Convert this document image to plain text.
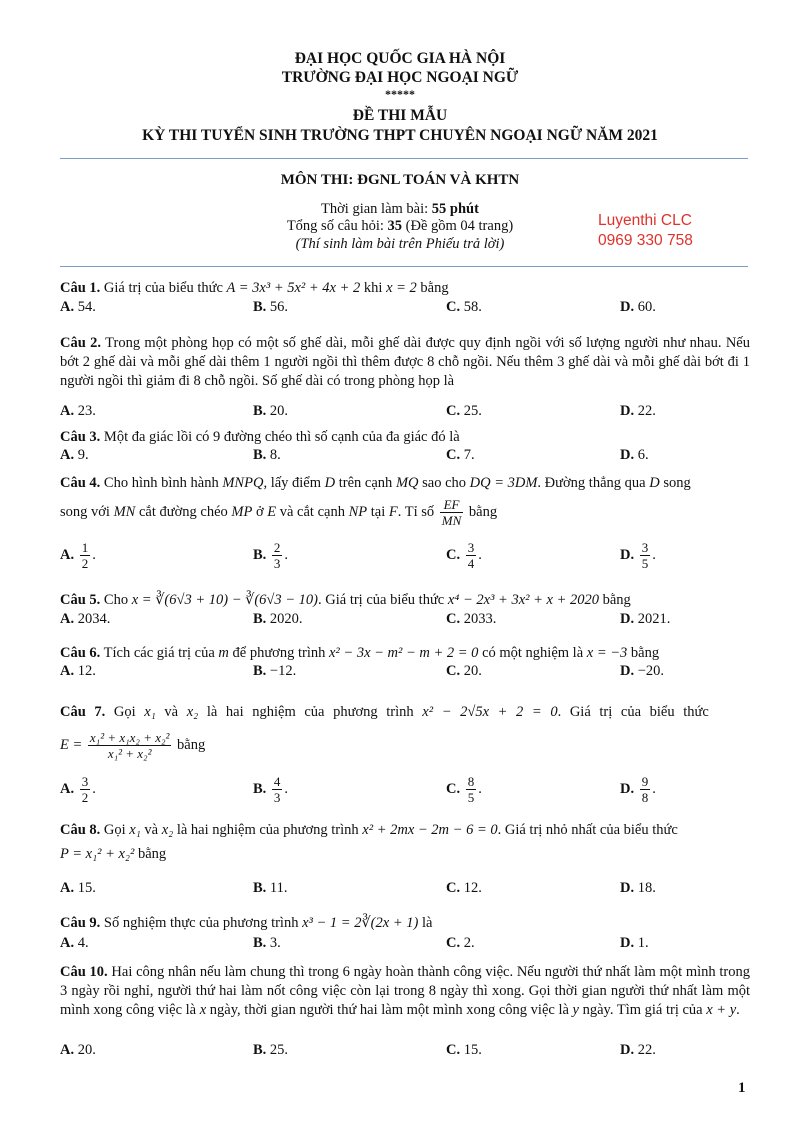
ĐẠI HỌC QUỐC GIA HÀ NỘI
TRƯỜNG ĐẠI HỌC NGOẠI NGỮ
*****
ĐỀ THI MẪU
KỲ THI TUYỂN SINH TRƯỜNG THPT CHUYÊN NGOẠI NGỮ NĂM 2021
MÔN THI: ĐGNL TOÁN VÀ KHTN
Thời gian làm bài: 55 phút
Tổng số câu hỏi: 35 (Đề gồm 04 trang)
(Thí sinh làm bài trên Phiếu trả lời)
Luyenthi CLC
0969 330 758
Câu 1. Giá trị của biểu thức A = 3x³ + 5x² + 4x + 2 khi x = 2 bằng
A. 54.	B. 56.	C. 58.	D. 60.
Câu 2. Trong một phòng họp có một số ghế dài, mỗi ghế dài được quy định ngồi với số lượng người như nhau. Nếu bớt 2 ghế dài và mỗi ghế dài thêm 1 người ngồi thì thêm được 8 chỗ ngồi. Nếu thêm 3 ghế dài và mỗi ghế dài bớt đi 1 người ngồi thì giảm đi 8 chỗ ngồi. Số ghế dài có trong phòng họp là
A. 23.	B. 20.	C. 25.	D. 22.
Câu 3. Một đa giác lồi có 9 đường chéo thì số cạnh của đa giác đó là
A. 9.	B. 8.	C. 7.	D. 6.
Câu 4. Cho hình bình hành MNPQ, lấy điểm D trên cạnh MQ sao cho DQ = 3DM. Đường thẳng qua D song
song với MN cắt đường chéo MP ở E và cắt cạnh NP tại F. Tỉ số $\frac{EF}{MN}$ bằng
A. $\frac{1}{2}$ .	B. $\frac{2}{3}$ .	C. $\frac{3}{4}$ .	D. $\frac{3}{5}$ .
Câu 5. Cho x = ∛(6√3 + 10) − ∛(6√3 − 10). Giá trị của biểu thức x⁴ − 2x³ + 3x² + x + 2020 bằng
A. 2034.	B. 2020.	C. 2033.	D. 2021.
Câu 6. Tích các giá trị của m để phương trình x² − 3x − m² − m + 2 = 0 có một nghiệm là x = −3 bằng
A. 12.	B. −12.	C. 20.	D. −20.
Câu 7. Gọi x₁ và x₂ là hai nghiệm của phương trình x² − 2√5x + 2 = 0. Giá trị của biểu thức
$E = \frac{\text{x₁² + x₁x₂ + x₂²}}{\text{x₁² + x₂²}}$ bằng
A. $\frac{3}{2}$ .	B. $\frac{4}{3}$ .	C. $\frac{8}{5}$ .	D. $\frac{9}{8}$ .
Câu 8. Gọi x₁ và x₂ là hai nghiệm của phương trình x² + 2mx − 2m − 6 = 0. Giá trị nhỏ nhất của biểu thức
P = x₁² + x₂² bằng
A. 15.	B. 11.	C. 12.	D. 18.
Câu 9. Số nghiệm thực của phương trình x³ − 1 = 2∛(2x + 1) là
A. 4.	B. 3.	C. 2.	D. 1.
Câu 10. Hai công nhân nếu làm chung thì trong 6 ngày hoàn thành công việc. Nếu người thứ nhất làm một mình trong 3 ngày rồi nghỉ, người thứ hai làm nốt công việc còn lại trong 8 ngày thì xong. Gọi thời gian người thứ nhất làm một mình xong công việc là x ngày, thời gian người thứ hai làm một mình xong công việc là y ngày. Tìm giá trị của x + y.
A. 20.	B. 25.	C. 15.	D. 22.
1
